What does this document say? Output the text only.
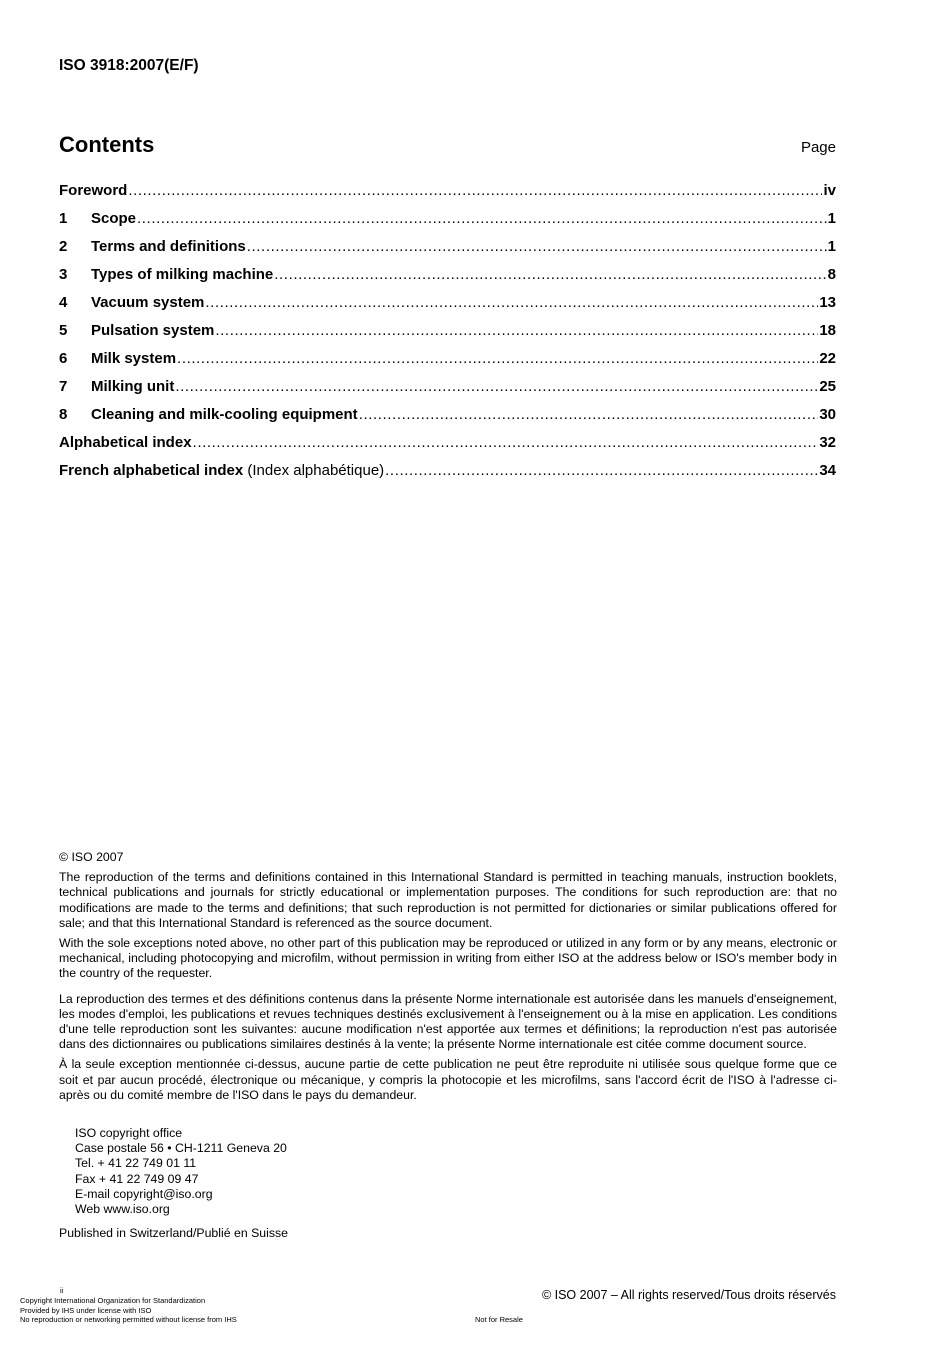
ISO 3918:2007(E/F)
Contents	Page
Foreword .....	iv
1	Scope .....	1
2	Terms and definitions .....	1
3	Types of milking machine .....	8
4	Vacuum system .....	13
5	Pulsation system .....	18
6	Milk system .....	22
7	Milking unit .....	25
8	Cleaning and milk-cooling equipment .....	30
Alphabetical index .....	32
French alphabetical index (Index alphabétique) .....	34

© ISO 2007

The reproduction of the terms and definitions contained in this International Standard is permitted in teaching manuals, instruction booklets, technical publications and journals for strictly educational or implementation purposes. The conditions for such reproduction are: that no modifications are made to the terms and definitions; that such reproduction is not permitted for dictionaries or similar publications offered for sale; and that this International Standard is referenced as the source document.

With the sole exceptions noted above, no other part of this publication may be reproduced or utilized in any form or by any means, electronic or mechanical, including photocopying and microfilm, without permission in writing from either ISO at the address below or ISO's member body in the country of the requester.

La reproduction des termes et des définitions contenus dans la présente Norme internationale est autorisée dans les manuels d'enseignement, les modes d'emploi, les publications et revues techniques destinés exclusivement à l'enseignement ou à la mise en application. Les conditions d'une telle reproduction sont les suivantes: aucune modification n'est apportée aux termes et définitions; la reproduction n'est pas autorisée dans des dictionnaires ou publications similaires destinés à la vente; la présente Norme internationale est citée comme document source.

À la seule exception mentionnée ci-dessus, aucune partie de cette publication ne peut être reproduite ni utilisée sous quelque forme que ce soit et par aucun procédé, électronique ou mécanique, y compris la photocopie et les microfilms, sans l'accord écrit de l'ISO à l'adresse ci-après ou du comité membre de l'ISO dans le pays du demandeur.

ISO copyright office
Case postale 56 • CH-1211 Geneva 20
Tel. + 41 22 749 01 11
Fax + 41 22 749 09 47
E-mail copyright@iso.org
Web www.iso.org
Published in Switzerland/Publié en Suisse
ii
Copyright International Organization for Standardization
Provided by IHS under license with ISO
No reproduction or networking permitted without license from IHS	Not for Resale
© ISO 2007 – All rights reserved/Tous droits réservés
